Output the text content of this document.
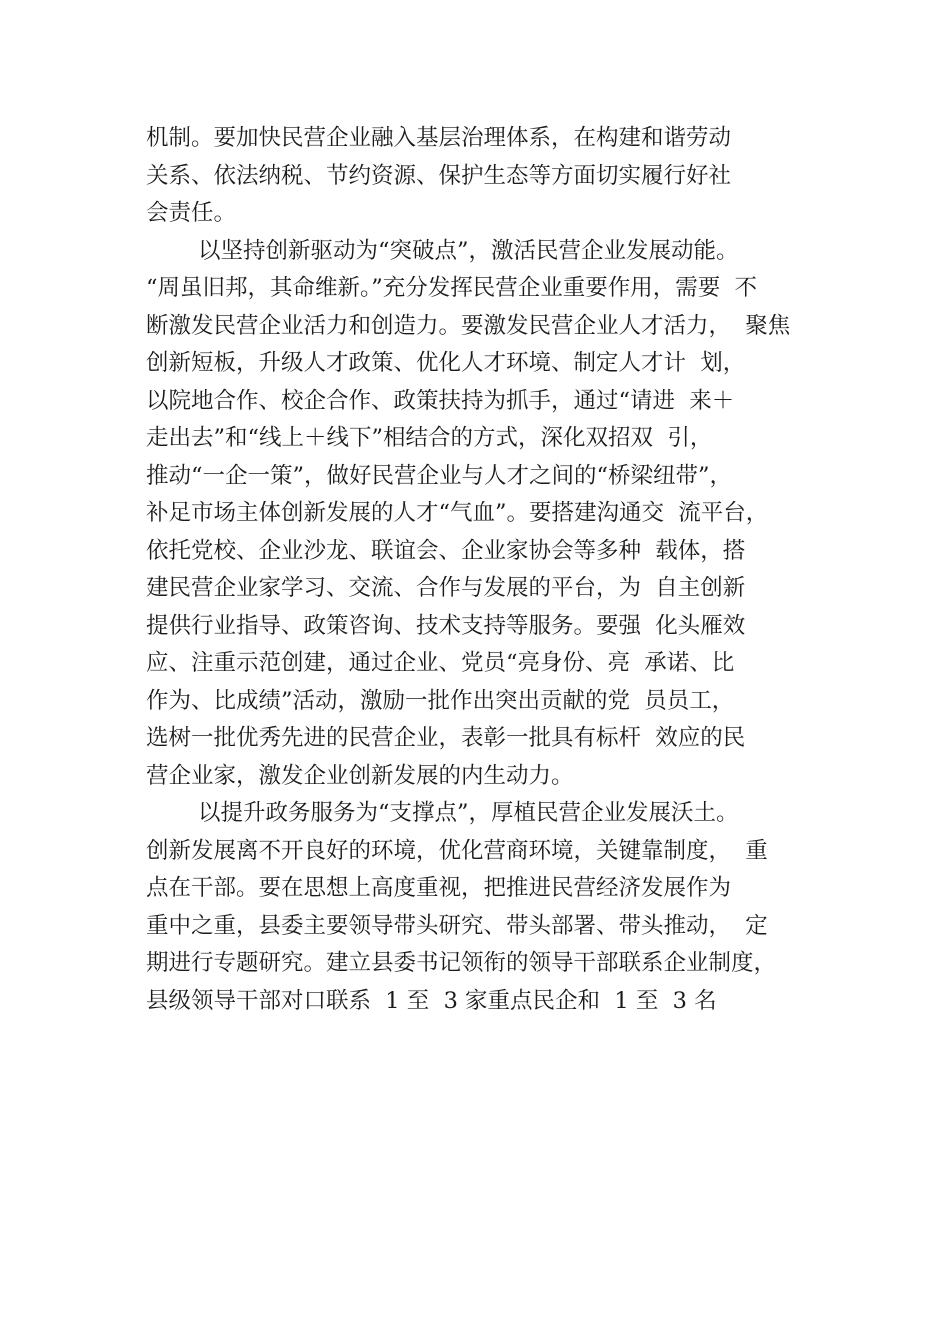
机制。要加快民营企业融入基层治理体系，在构建和谐劳动
关系、依法纳税、节约资源、保护生态等方面切实履行好社
会责任。
以坚持创新驱动为“突破点”，激活民营企业发展动能。
“周虽旧邦，其命维新。”充分发挥民营企业重要作用，需要  不
断激发民营企业活力和创造力。要激发民营企业人才活力，  聚焦
创新短板，升级人才政策、优化人才环境、制定人才计  划，
以院地合作、校企合作、政策扶持为抓手，通过“请进  来＋
走出去”和“线上＋线下”相结合的方式，深化双招双  引，
推动“一企一策”，做好民营企业与人才之间的“桥梁纽带”，
补足市场主体创新发展的人才“气血”。要搭建沟通交  流平台，
依托党校、企业沙龙、联谊会、企业家协会等多种  载体，搭
建民营企业家学习、交流、合作与发展的平台，为  自主创新
提供行业指导、政策咨询、技术支持等服务。要强  化头雁效
应、注重示范创建，通过企业、党员“亮身份、亮  承诺、比
作为、比成绩”活动，激励一批作出突出贡献的党  员员工，
选树一批优秀先进的民营企业，表彰一批具有标杆  效应的民
营企业家，激发企业创新发展的内生动力。
以提升政务服务为“支撑点”，厚植民营企业发展沃土。
创新发展离不开良好的环境，优化营商环境，关键靠制度，  重
点在干部。要在思想上高度重视，把推进民营经济发展作为
重中之重，县委主要领导带头研究、带头部署、带头推动，  定
期进行专题研究。建立县委书记领衔的领导干部联系企业制度，
县级领导干部对口联系  1 至  3 家重点民企和  1 至  3 名
